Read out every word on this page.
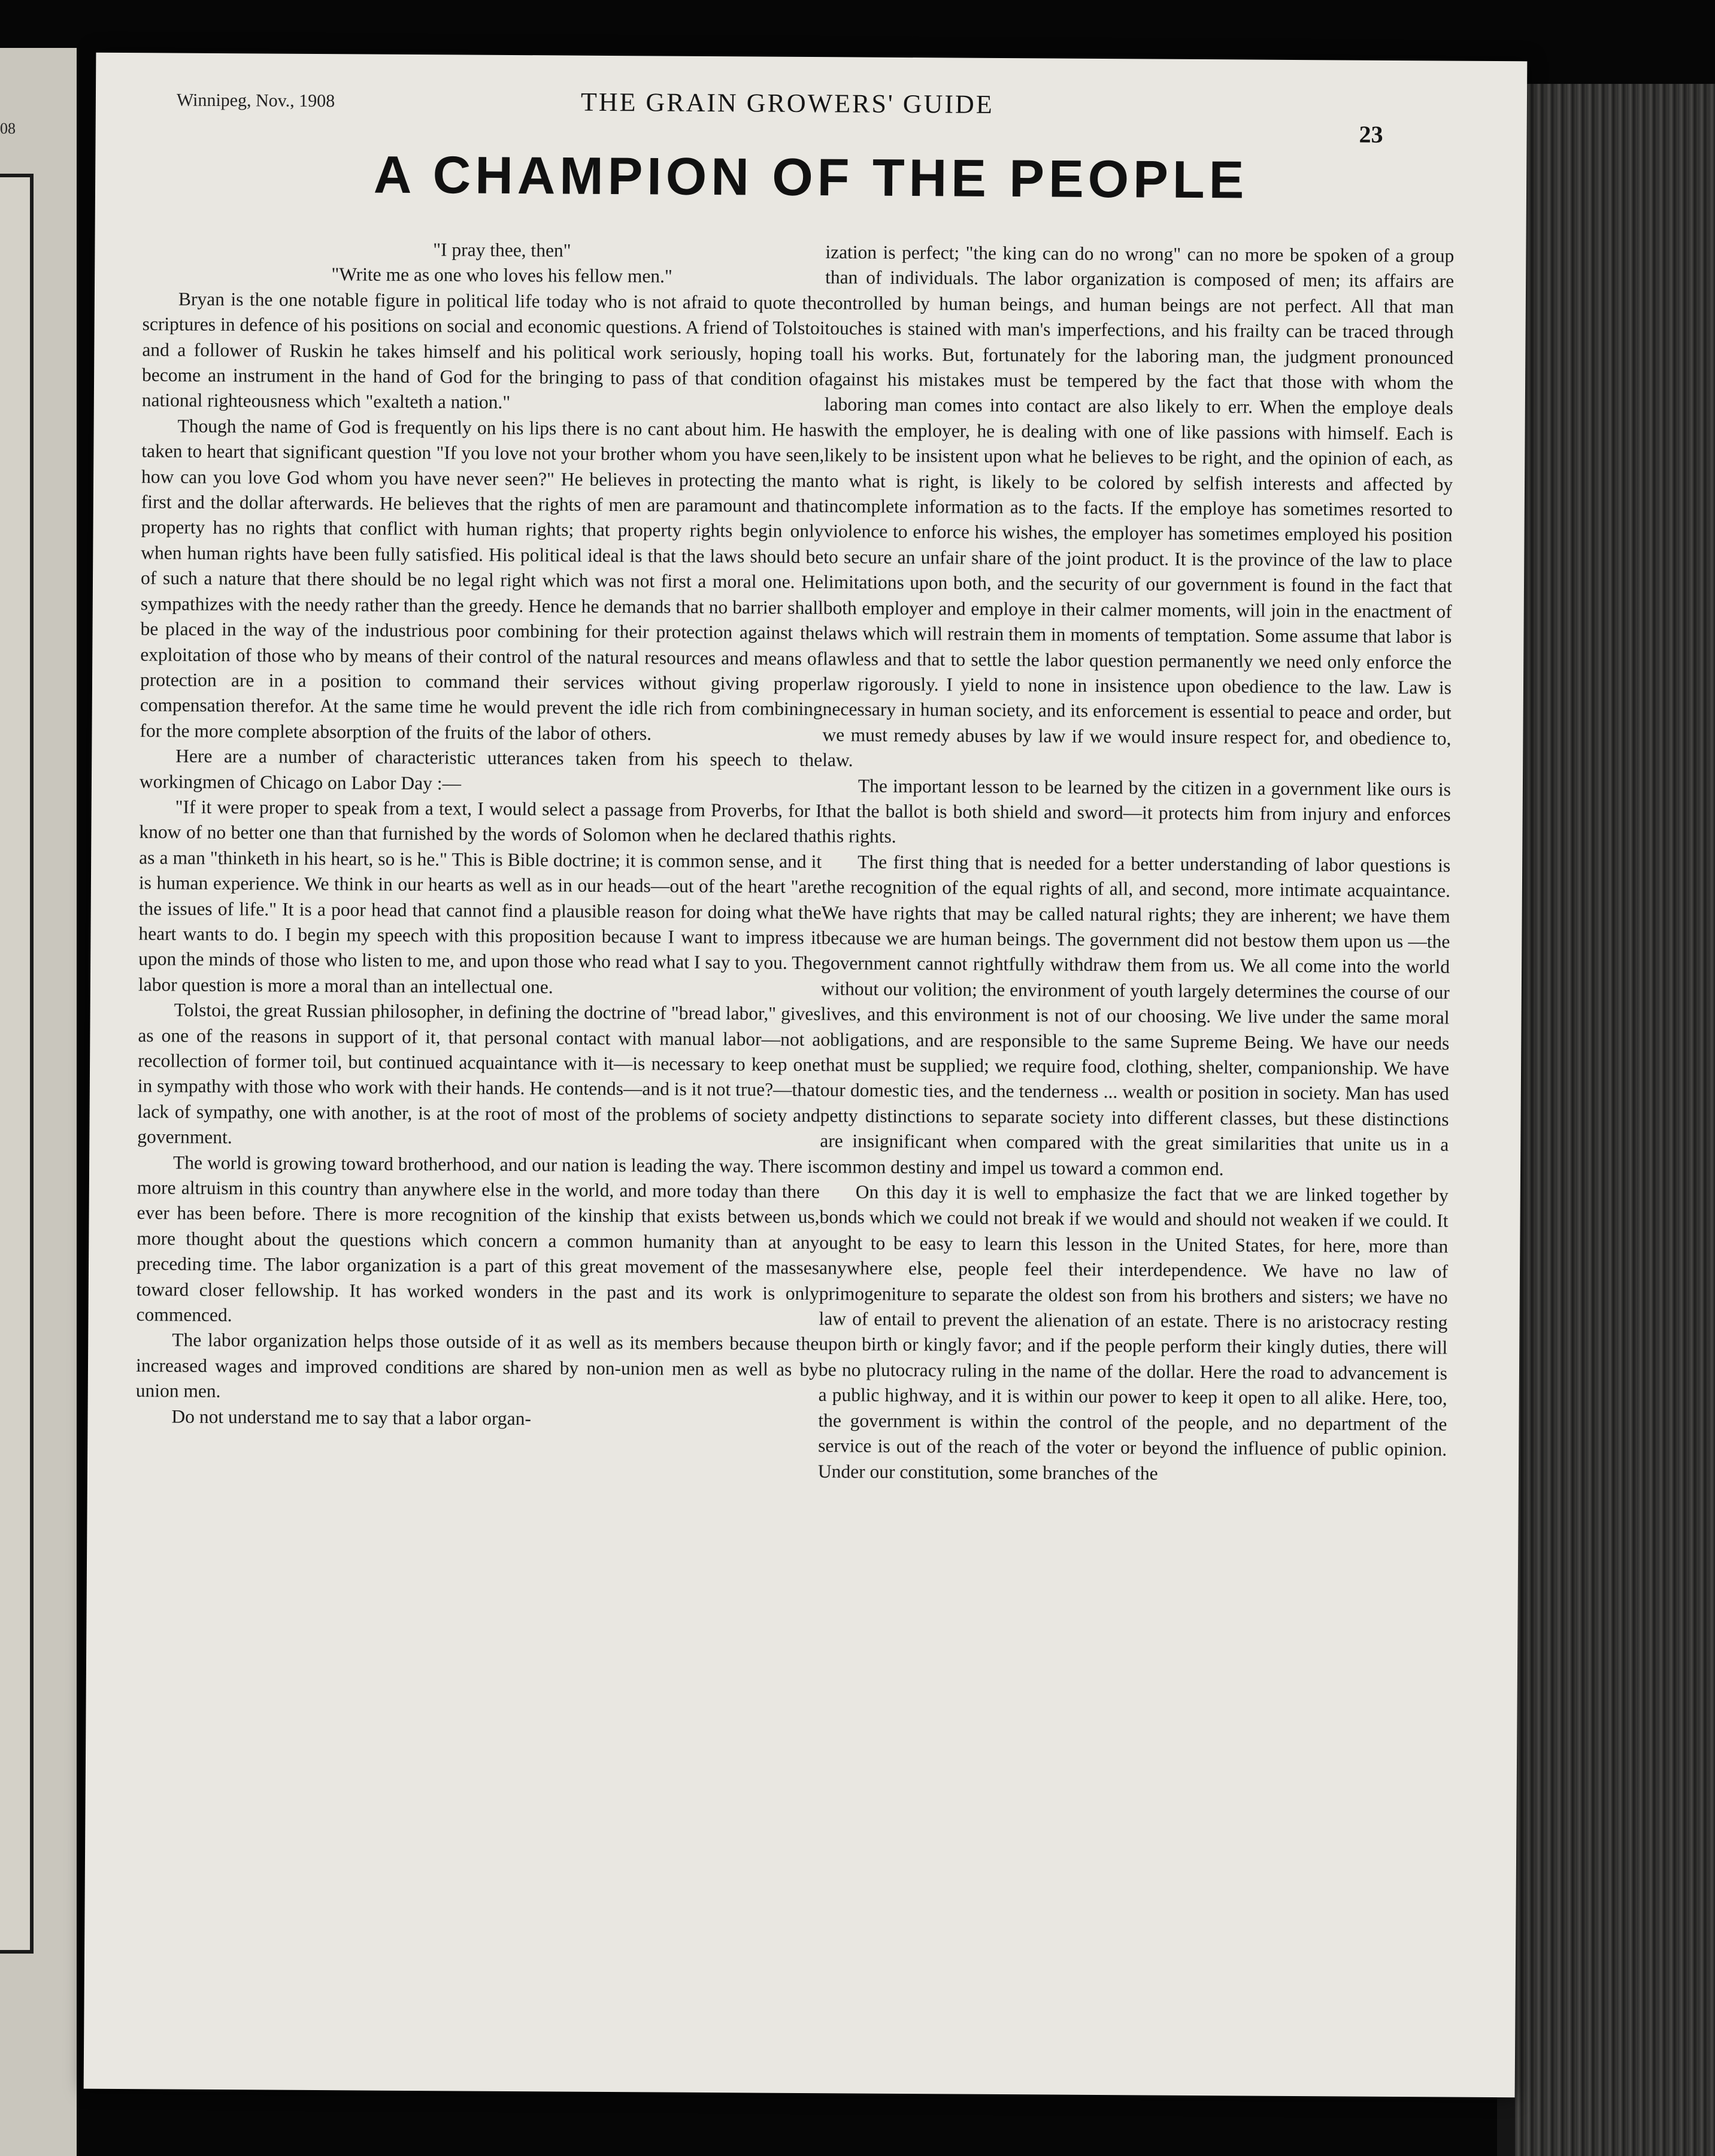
08
Winnipeg, Nov., 1908	THE GRAIN GROWERS' GUIDE
23
A CHAMPION OF THE PEOPLE

"I pray thee, then"

"Write me as one who loves his fellow men."

Bryan is the one notable figure in political life today who is not afraid to quote the scriptures in defence of his positions on social and economic questions. A friend of Tolstoi and a follower of Ruskin he takes himself and his political work seriously, hoping to become an instrument in the hand of God for the bringing to pass of that condition of national righteousness which "exalteth a nation."

Though the name of God is frequently on his lips there is no cant about him. He has taken to heart that significant question "If you love not your brother whom you have seen, how can you love God whom you have never seen?" He believes in protecting the man first and the dollar afterwards. He believes that the rights of men are paramount and that property has no rights that conflict with human rights; that property rights begin only when human rights have been fully satisfied. His political ideal is that the laws should be of such a nature that there should be no legal right which was not first a moral one. He sympathizes with the needy rather than the greedy. Hence he demands that no barrier shall be placed in the way of the industrious poor combining for their protection against the exploitation of those who by means of their control of the natural resources and means of protection are in a position to command their services without giving proper compensation therefor. At the same time he would prevent the idle rich from combining for the more complete absorption of the fruits of the labor of others.

Here are a number of characteristic utterances taken from his speech to the workingmen of Chicago on Labor Day :—

"If it were proper to speak from a text, I would select a passage from Proverbs, for I know of no better one than that furnished by the words of Solomon when he declared that as a man "thinketh in his heart, so is he." This is Bible doctrine; it is common sense, and it is human experience. We think in our hearts as well as in our heads—out of the heart "are the issues of life." It is a poor head that cannot find a plausible reason for doing what the heart wants to do. I begin my speech with this proposition because I want to impress it upon the minds of those who listen to me, and upon those who read what I say to you. The labor question is more a moral than an intellectual one.

Tolstoi, the great Russian philosopher, in defining the doctrine of "bread labor," gives as one of the reasons in support of it, that personal contact with manual labor—not a recollection of former toil, but continued acquaintance with it—is necessary to keep one in sympathy with those who work with their hands. He contends—and is it not true?—that lack of sympathy, one with another, is at the root of most of the problems of society and government.

The world is growing toward brotherhood, and our nation is leading the way. There is more altruism in this country than anywhere else in the world, and more today than there ever has been before. There is more recognition of the kinship that exists between us, more thought about the questions which concern a common humanity than at any preceding time. The labor organization is a part of this great movement of the masses toward closer fellowship. It has worked wonders in the past and its work is only commenced.

The labor organization helps those outside of it as well as its members because the increased wages and improved conditions are shared by non-union men as well as by union men.

Do not understand me to say that a labor organ-

ization is perfect; "the king can do no wrong" can no more be spoken of a group than of individuals. The labor organization is composed of men; its affairs are controlled by human beings, and human beings are not perfect. All that man touches is stained with man's imperfections, and his frailty can be traced through all his works. But, fortunately for the laboring man, the judgment pronounced against his mistakes must be tempered by the fact that those with whom the laboring man comes into contact are also likely to err. When the employe deals with the employer, he is dealing with one of like passions with himself. Each is likely to be insistent upon what he believes to be right, and the opinion of each, as to what is right, is likely to be colored by selfish interests and affected by incomplete information as to the facts. If the employe has sometimes resorted to violence to enforce his wishes, the employer has sometimes employed his position to secure an unfair share of the joint product. It is the province of the law to place limitations upon both, and the security of our government is found in the fact that both employer and employe in their calmer moments, will join in the enactment of laws which will restrain them in moments of temptation. Some assume that labor is lawless and that to settle the labor question permanently we need only enforce the law rigorously. I yield to none in insistence upon obedience to the law. Law is necessary in human society, and its enforcement is essential to peace and order, but we must remedy abuses by law if we would insure respect for, and obedience to, law.

The important lesson to be learned by the citizen in a government like ours is that the ballot is both shield and sword—it protects him from injury and enforces his rights.

The first thing that is needed for a better understanding of labor questions is the recognition of the equal rights of all, and second, more intimate acquaintance. We have rights that may be called natural rights; they are inherent; we have them because we are human beings. The government did not bestow them upon us —the government cannot rightfully withdraw them from us. We all come into the world without our volition; the environment of youth largely determines the course of our lives, and this environment is not of our choosing. We live under the same moral obligations, and are responsible to the same Supreme Being. We have our needs that must be supplied; we require food, clothing, shelter, companionship. We have our domestic ties, and the tenderness ... wealth or position in society. Man has used petty distinctions to separate society into different classes, but these distinctions are insignificant when compared with the great similarities that unite us in a common destiny and impel us toward a common end.

On this day it is well to emphasize the fact that we are linked together by bonds which we could not break if we would and should not weaken if we could. It ought to be easy to learn this lesson in the United States, for here, more than anywhere else, people feel their interdependence. We have no law of primogeniture to separate the oldest son from his brothers and sisters; we have no law of entail to prevent the alienation of an estate. There is no aristocracy resting upon birth or kingly favor; and if the people perform their kingly duties, there will be no plutocracy ruling in the name of the dollar. Here the road to advancement is a public highway, and it is within our power to keep it open to all alike. Here, too, the government is within the control of the people, and no department of the service is out of the reach of the voter or beyond the influence of public opinion. Under our constitution, some branches of the
